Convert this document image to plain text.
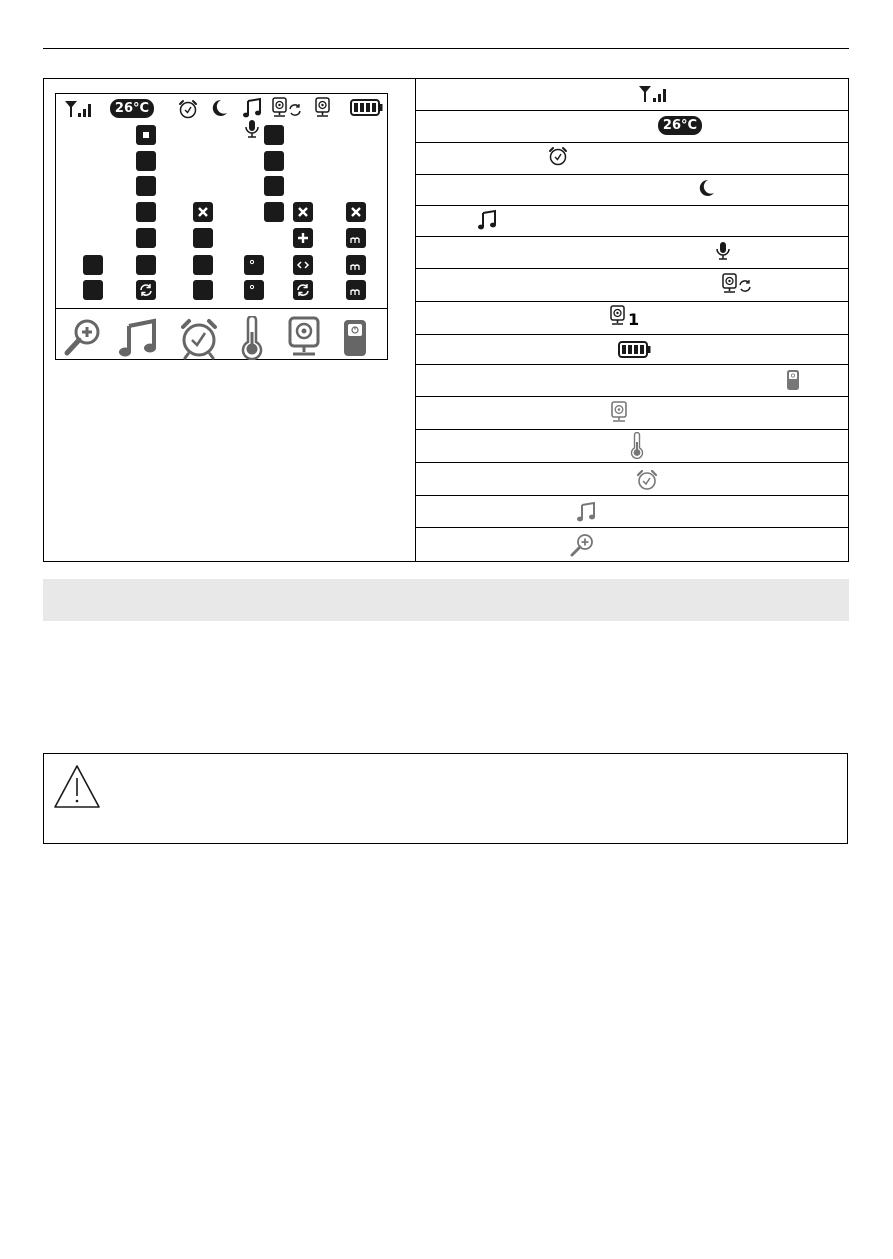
26°C
26°C
1
